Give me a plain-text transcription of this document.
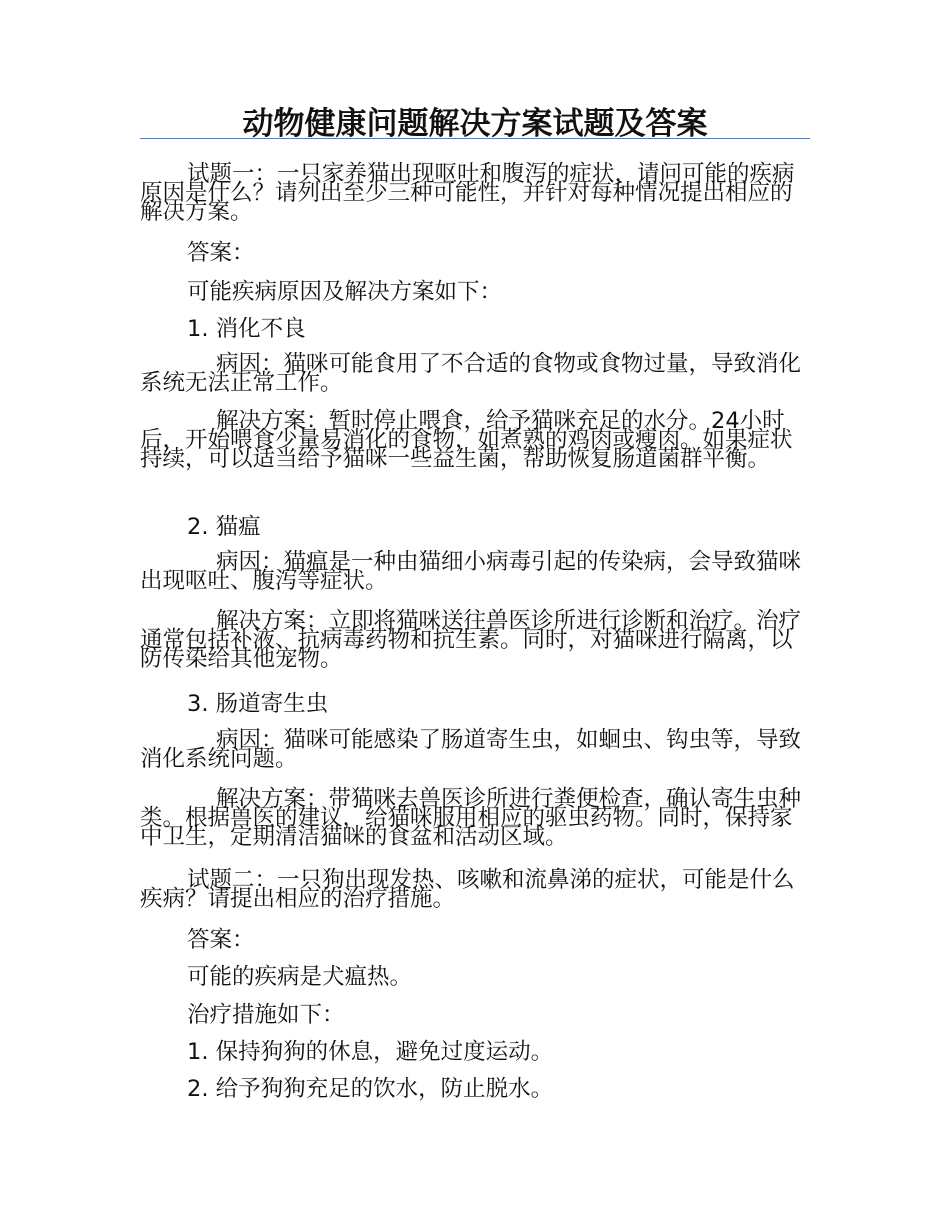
动物健康问题解决方案试题及答案

试题一：一只家养猫出现呕吐和腹泻的症状，请问可能的疾病原因是什么？请列出至少三种可能性，并针对每种情况提出相应的解决方案。

答案：
可能疾病原因及解决方案如下：
1. 消化不良

病因：猫咪可能食用了不合适的食物或食物过量，导致消化系统无法正常工作。

解决方案：暂时停止喂食，给予猫咪充足的水分。24小时后，开始喂食少量易消化的食物，如煮熟的鸡肉或瘦肉。如果症状持续，可以适当给予猫咪一些益生菌，帮助恢复肠道菌群平衡。

2. 猫瘟

病因：猫瘟是一种由猫细小病毒引起的传染病，会导致猫咪出现呕吐、腹泻等症状。

解决方案：立即将猫咪送往兽医诊所进行诊断和治疗。治疗通常包括补液、抗病毒药物和抗生素。同时，对猫咪进行隔离，以防传染给其他宠物。

3. 肠道寄生虫

病因：猫咪可能感染了肠道寄生虫，如蛔虫、钩虫等，导致消化系统问题。

解决方案：带猫咪去兽医诊所进行粪便检查，确认寄生虫种类。根据兽医的建议，给猫咪服用相应的驱虫药物。同时，保持家中卫生，定期清洁猫咪的食盆和活动区域。

试题二：一只狗出现发热、咳嗽和流鼻涕的症状，可能是什么疾病？请提出相应的治疗措施。

答案：
可能的疾病是犬瘟热。
治疗措施如下：
1. 保持狗狗的休息，避免过度运动。
2. 给予狗狗充足的饮水，防止脱水。
